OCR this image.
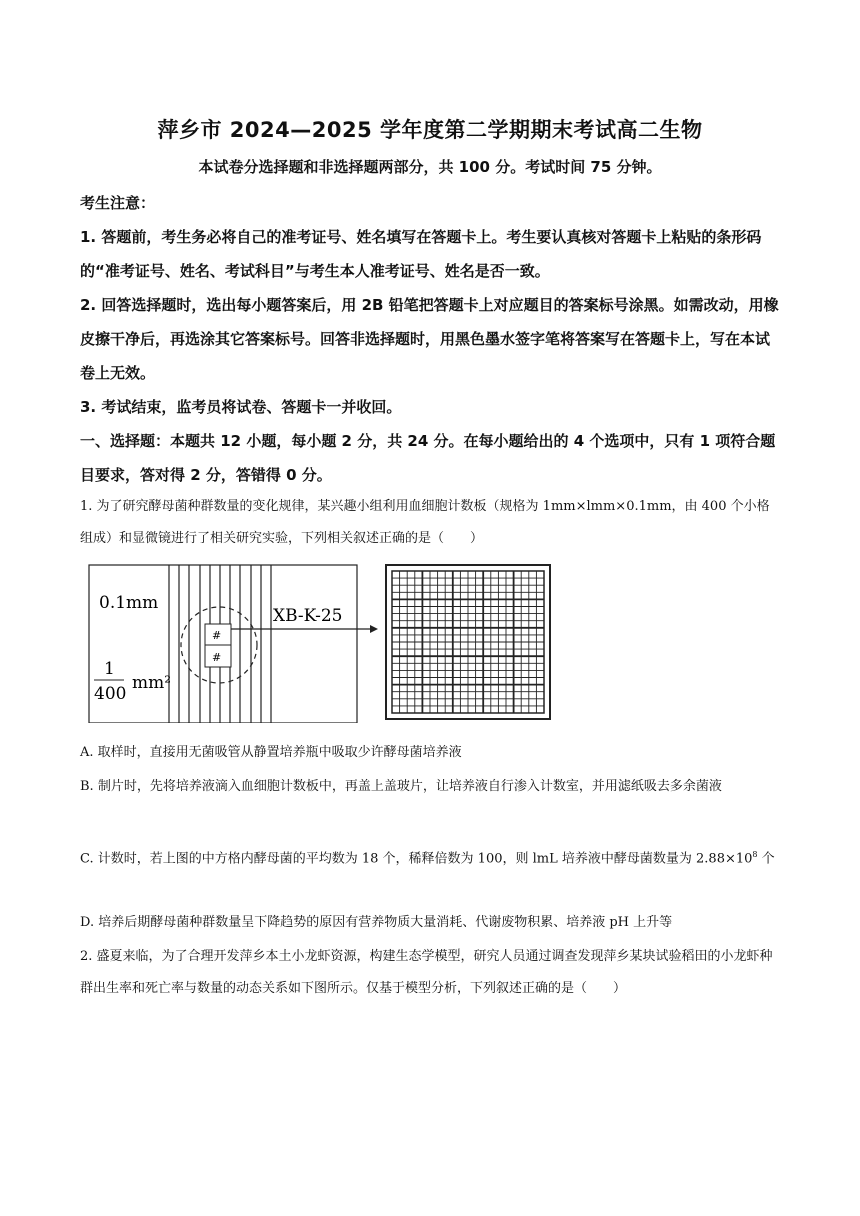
萍乡市 2024—2025 学年度第二学期期末考试高二生物
本试卷分选择题和非选择题两部分，共 100 分。考试时间 75 分钟。
考生注意：
1. 答题前，考生务必将自己的准考证号、姓名填写在答题卡上。考生要认真核对答题卡上粘贴的条形码的“准考证号、姓名、考试科目”与考生本人准考证号、姓名是否一致。
2. 回答选择题时，选出每小题答案后，用 2B 铅笔把答题卡上对应题目的答案标号涂黑。如需改动，用橡皮擦干净后，再选涂其它答案标号。回答非选择题时，用黑色墨水签字笔将答案写在答题卡上，写在本试卷上无效。
3. 考试结束，监考员将试卷、答题卡一并收回。
一、选择题：本题共 12 小题，每小题 2 分，共 24 分。在每小题给出的 4 个选项中，只有 1 项符合题目要求，答对得 2 分，答错得 0 分。
1. 为了研究酵母菌种群数量的变化规律，某兴趣小组利用血细胞计数板（规格为 1mm×lmm×0.1mm，由 400 个小格组成）和显微镜进行了相关研究实验，下列相关叙述正确的是（　　）
#
#
0.1mm
XB-K-25
1
400
mm²
A. 取样时，直接用无菌吸管从静置培养瓶中吸取少许酵母菌培养液
B. 制片时，先将培养液滴入血细胞计数板中，再盖上盖玻片，让培养液自行渗入计数室，并用滤纸吸去多余菌液
C. 计数时，若上图的中方格内酵母菌的平均数为 18 个，稀释倍数为 100，则 lmL 培养液中酵母菌数量为 $2.88\times 10^8$ 个
D. 培养后期酵母菌种群数量呈下降趋势的原因有营养物质大量消耗、代谢废物积累、培养液 pH 上升等
2. 盛夏来临，为了合理开发萍乡本土小龙虾资源，构建生态学模型，研究人员通过调查发现萍乡某块试验稻田的小龙虾种群出生率和死亡率与数量的动态关系如下图所示。仅基于模型分析，下列叙述正确的是（　　）
